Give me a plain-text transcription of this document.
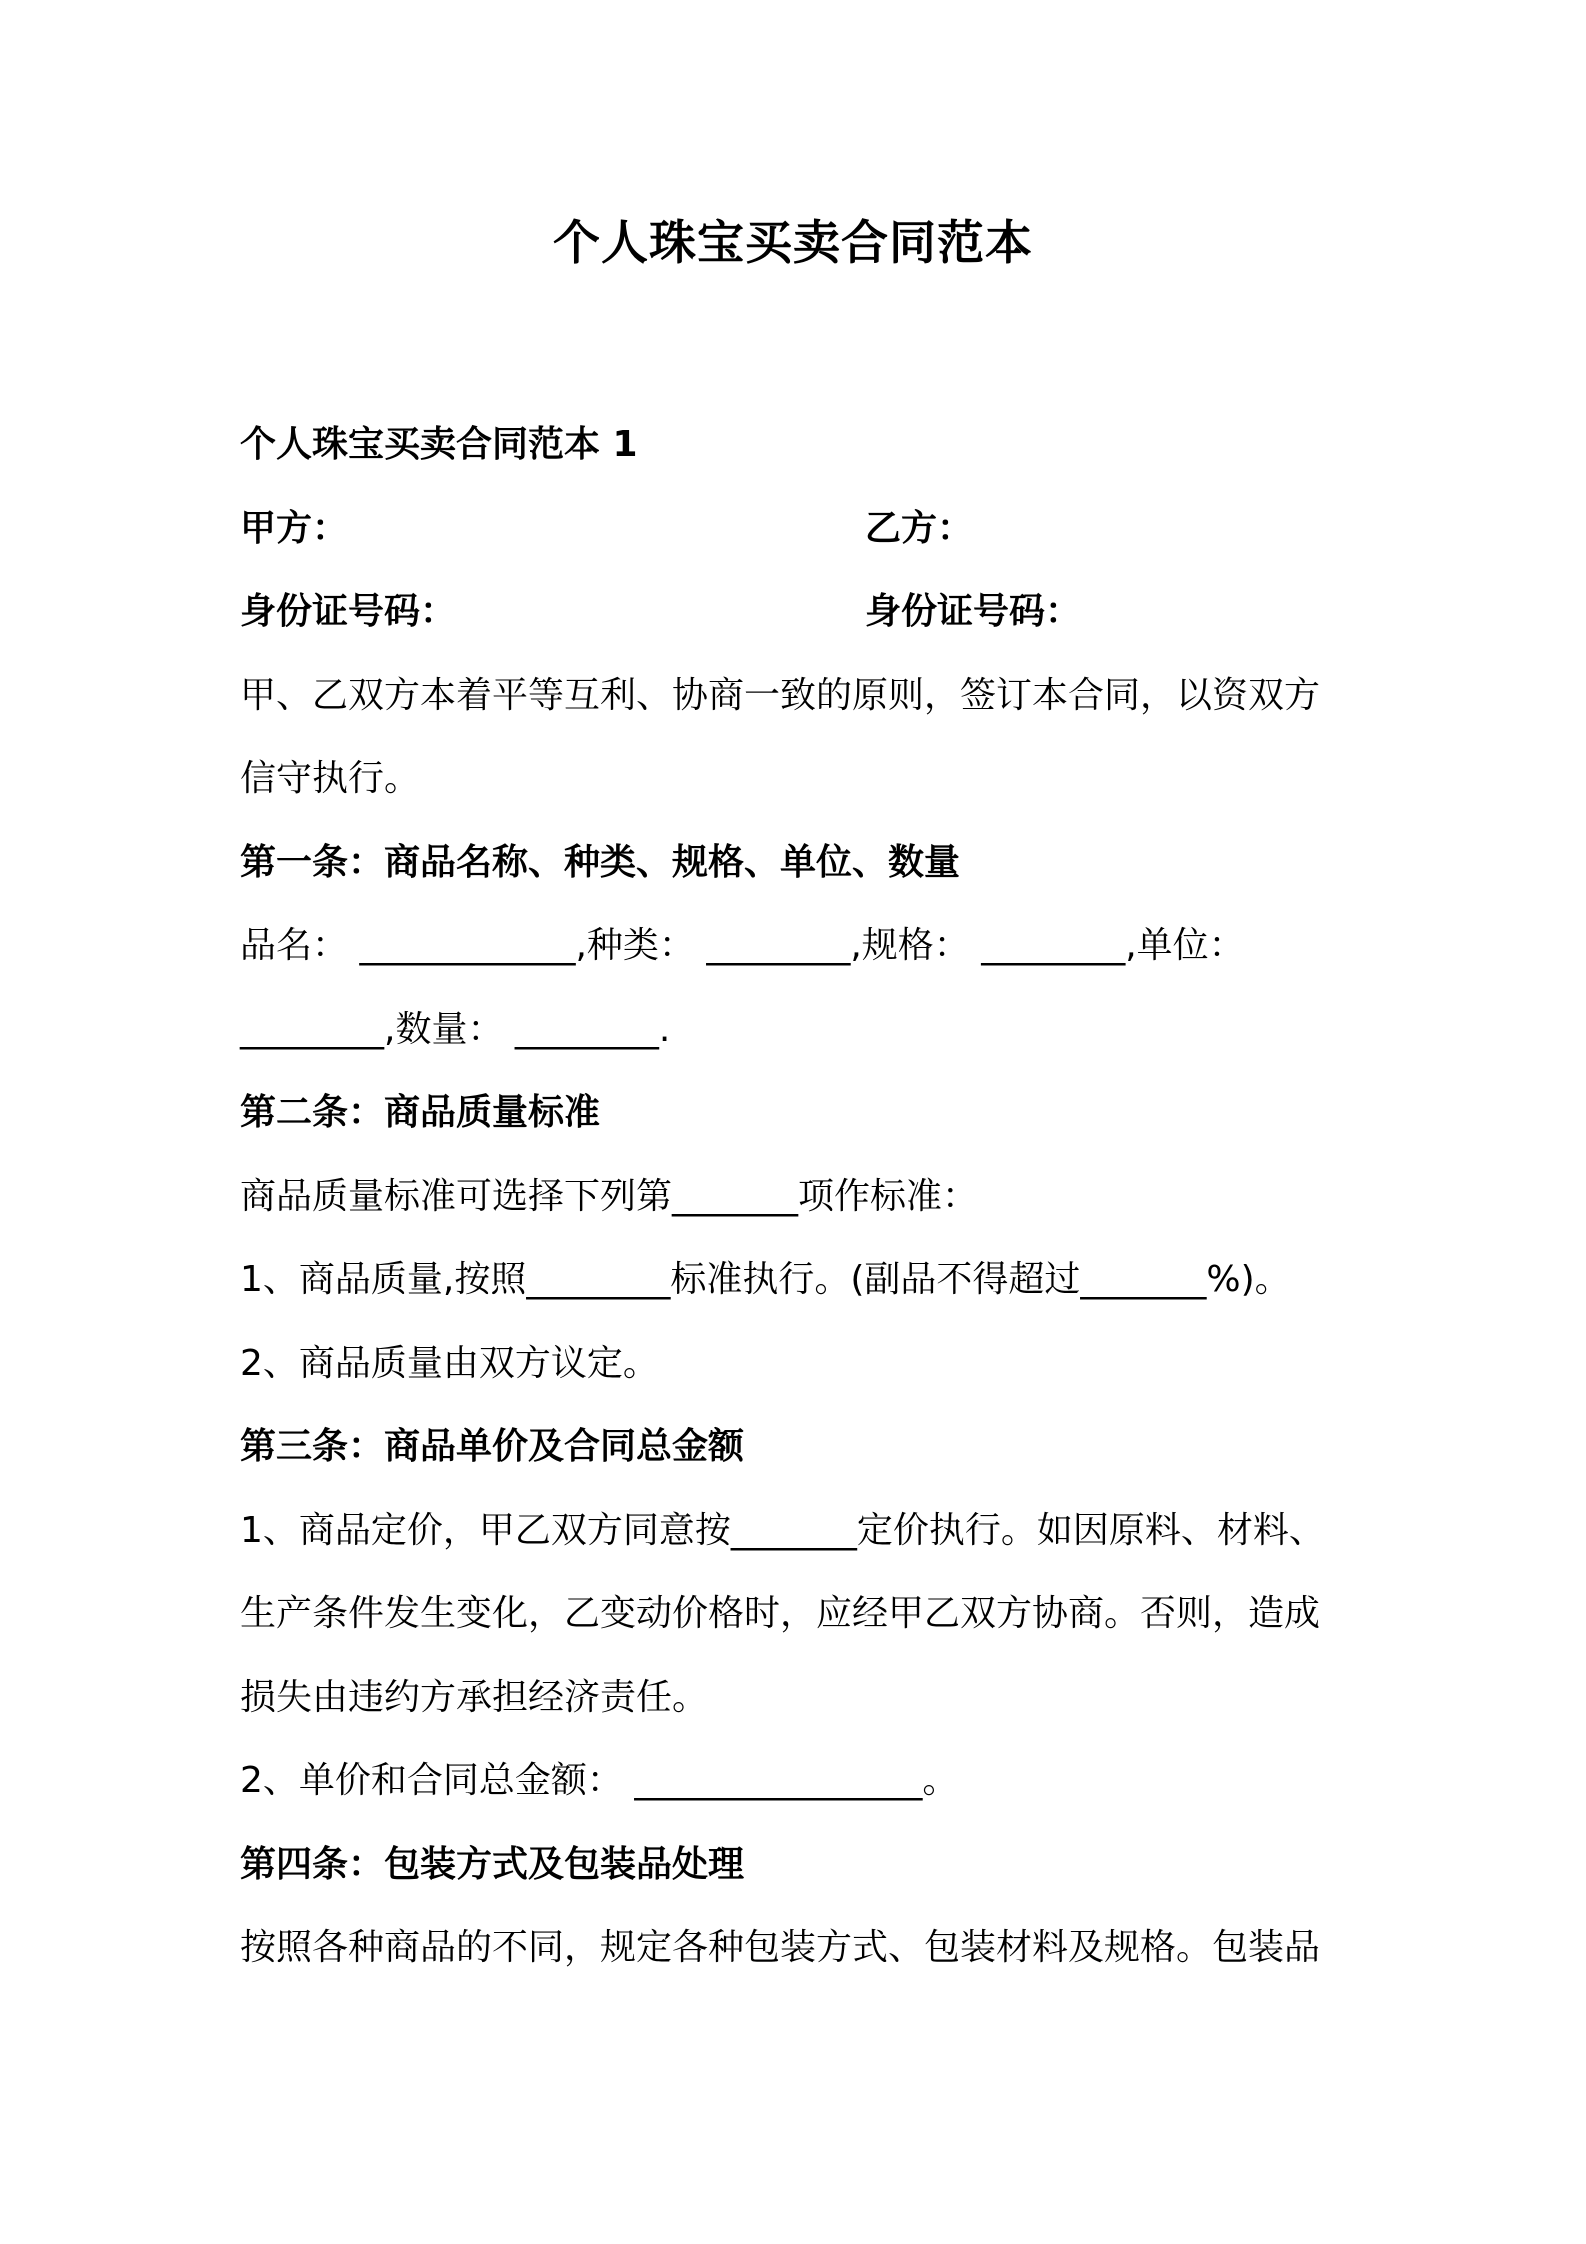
个人珠宝买卖合同范本

个人珠宝买卖合同范本 1

甲方：	乙方：

身份证号码：	身份证号码：

甲、乙双方本着平等互利、协商一致的原则，签订本合同，以资双方

信守执行。

第一条：商品名称、种类、规格、单位、数量

品名： ____________,种类： ________,规格： ________,单位：

________,数量： ________.

第二条：商品质量标准

商品质量标准可选择下列第_______项作标准：

1、商品质量,按照________标准执行。(副品不得超过_______%)。

2、商品质量由双方议定。

第三条：商品单价及合同总金额

1、商品定价，甲乙双方同意按_______定价执行。如因原料、材料、

生产条件发生变化，乙变动价格时，应经甲乙双方协商。否则，造成

损失由违约方承担经济责任。

2、单价和合同总金额： ________________。

第四条：包装方式及包装品处理

按照各种商品的不同，规定各种包装方式、包装材料及规格。包装品
